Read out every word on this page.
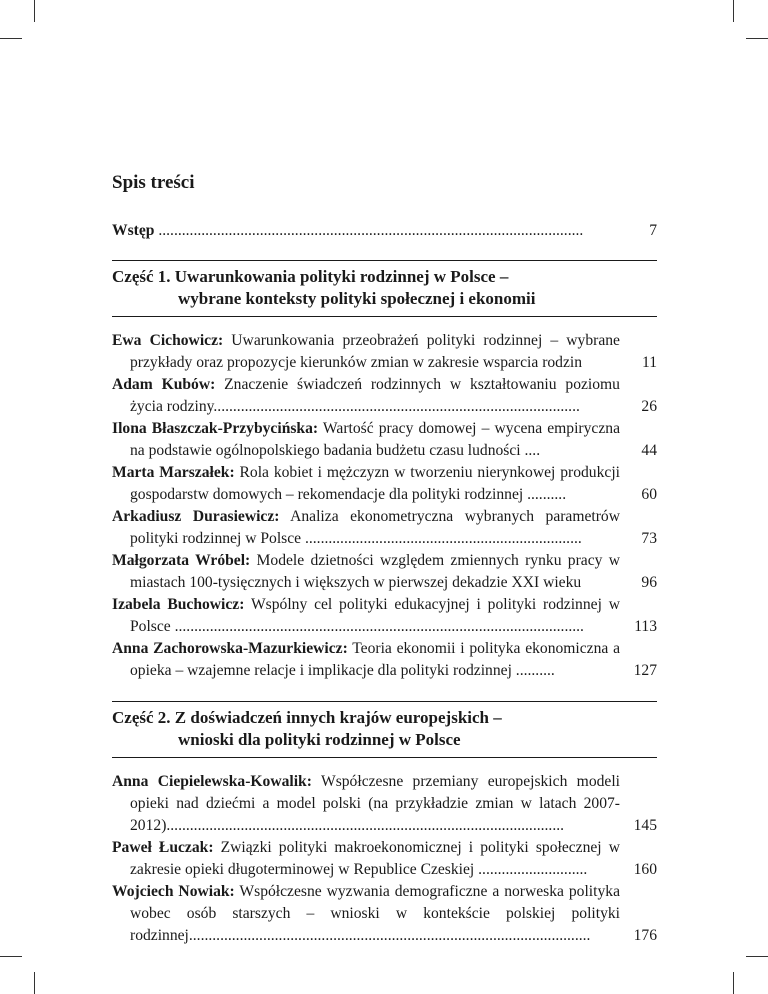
Spis treści
Wstęp .............................................................................................................	7
Część 1. Uwarunkowania polityki rodzinnej w Polsce –
wybrane konteksty polityki społecznej i ekonomii
Ewa Cichowicz: Uwarunkowania przeobrażeń polityki rodzinnej – wybrane przykłady oraz propozycje kierunków zmian w zakresie wsparcia rodzin	11
Adam Kubów: Znaczenie świadczeń rodzinnych w kształtowaniu poziomu życia rodziny..............................................................................................	26
Ilona Błaszczak-Przybycińska: Wartość pracy domowej – wycena empiryczna na podstawie ogólnopolskiego badania budżetu czasu ludności ....	44
Marta Marszałek: Rola kobiet i mężczyzn w tworzeniu nierynkowej produkcji gospodarstw domowych – rekomendacje dla polityki rodzinnej ..........	60
Arkadiusz Durasiewicz: Analiza ekonometryczna wybranych parametrów polityki rodzinnej w Polsce .......................................................................	73
Małgorzata Wróbel: Modele dzietności względem zmiennych rynku pracy w miastach 100-tysięcznych i większych w pierwszej dekadzie XXI wieku	96
Izabela Buchowicz: Wspólny cel polityki edukacyjnej i polityki rodzinnej w Polsce .........................................................................................................	113
Anna Zachorowska-Mazurkiewicz: Teoria ekonomii i polityka ekonomiczna a opieka – wzajemne relacje i implikacje dla polityki rodzinnej ..........	127
Część 2. Z doświadczeń innych krajów europejskich –
wnioski dla polityki rodzinnej w Polsce
Anna Ciepielewska-Kowalik: Współczesne przemiany europejskich modeli opieki nad dziećmi a model polski (na przykładzie zmian w latach 2007-2012)......................................................................................................	145
Paweł Łuczak: Związki polityki makroekonomicznej i polityki społecznej w zakresie opieki długoterminowej w Republice Czeskiej ............................	160
Wojciech Nowiak: Współczesne wyzwania demograficzne a norweska polityka wobec osób starszych – wnioski w kontekście polskiej polityki rodzinnej.......................................................................................................	176
